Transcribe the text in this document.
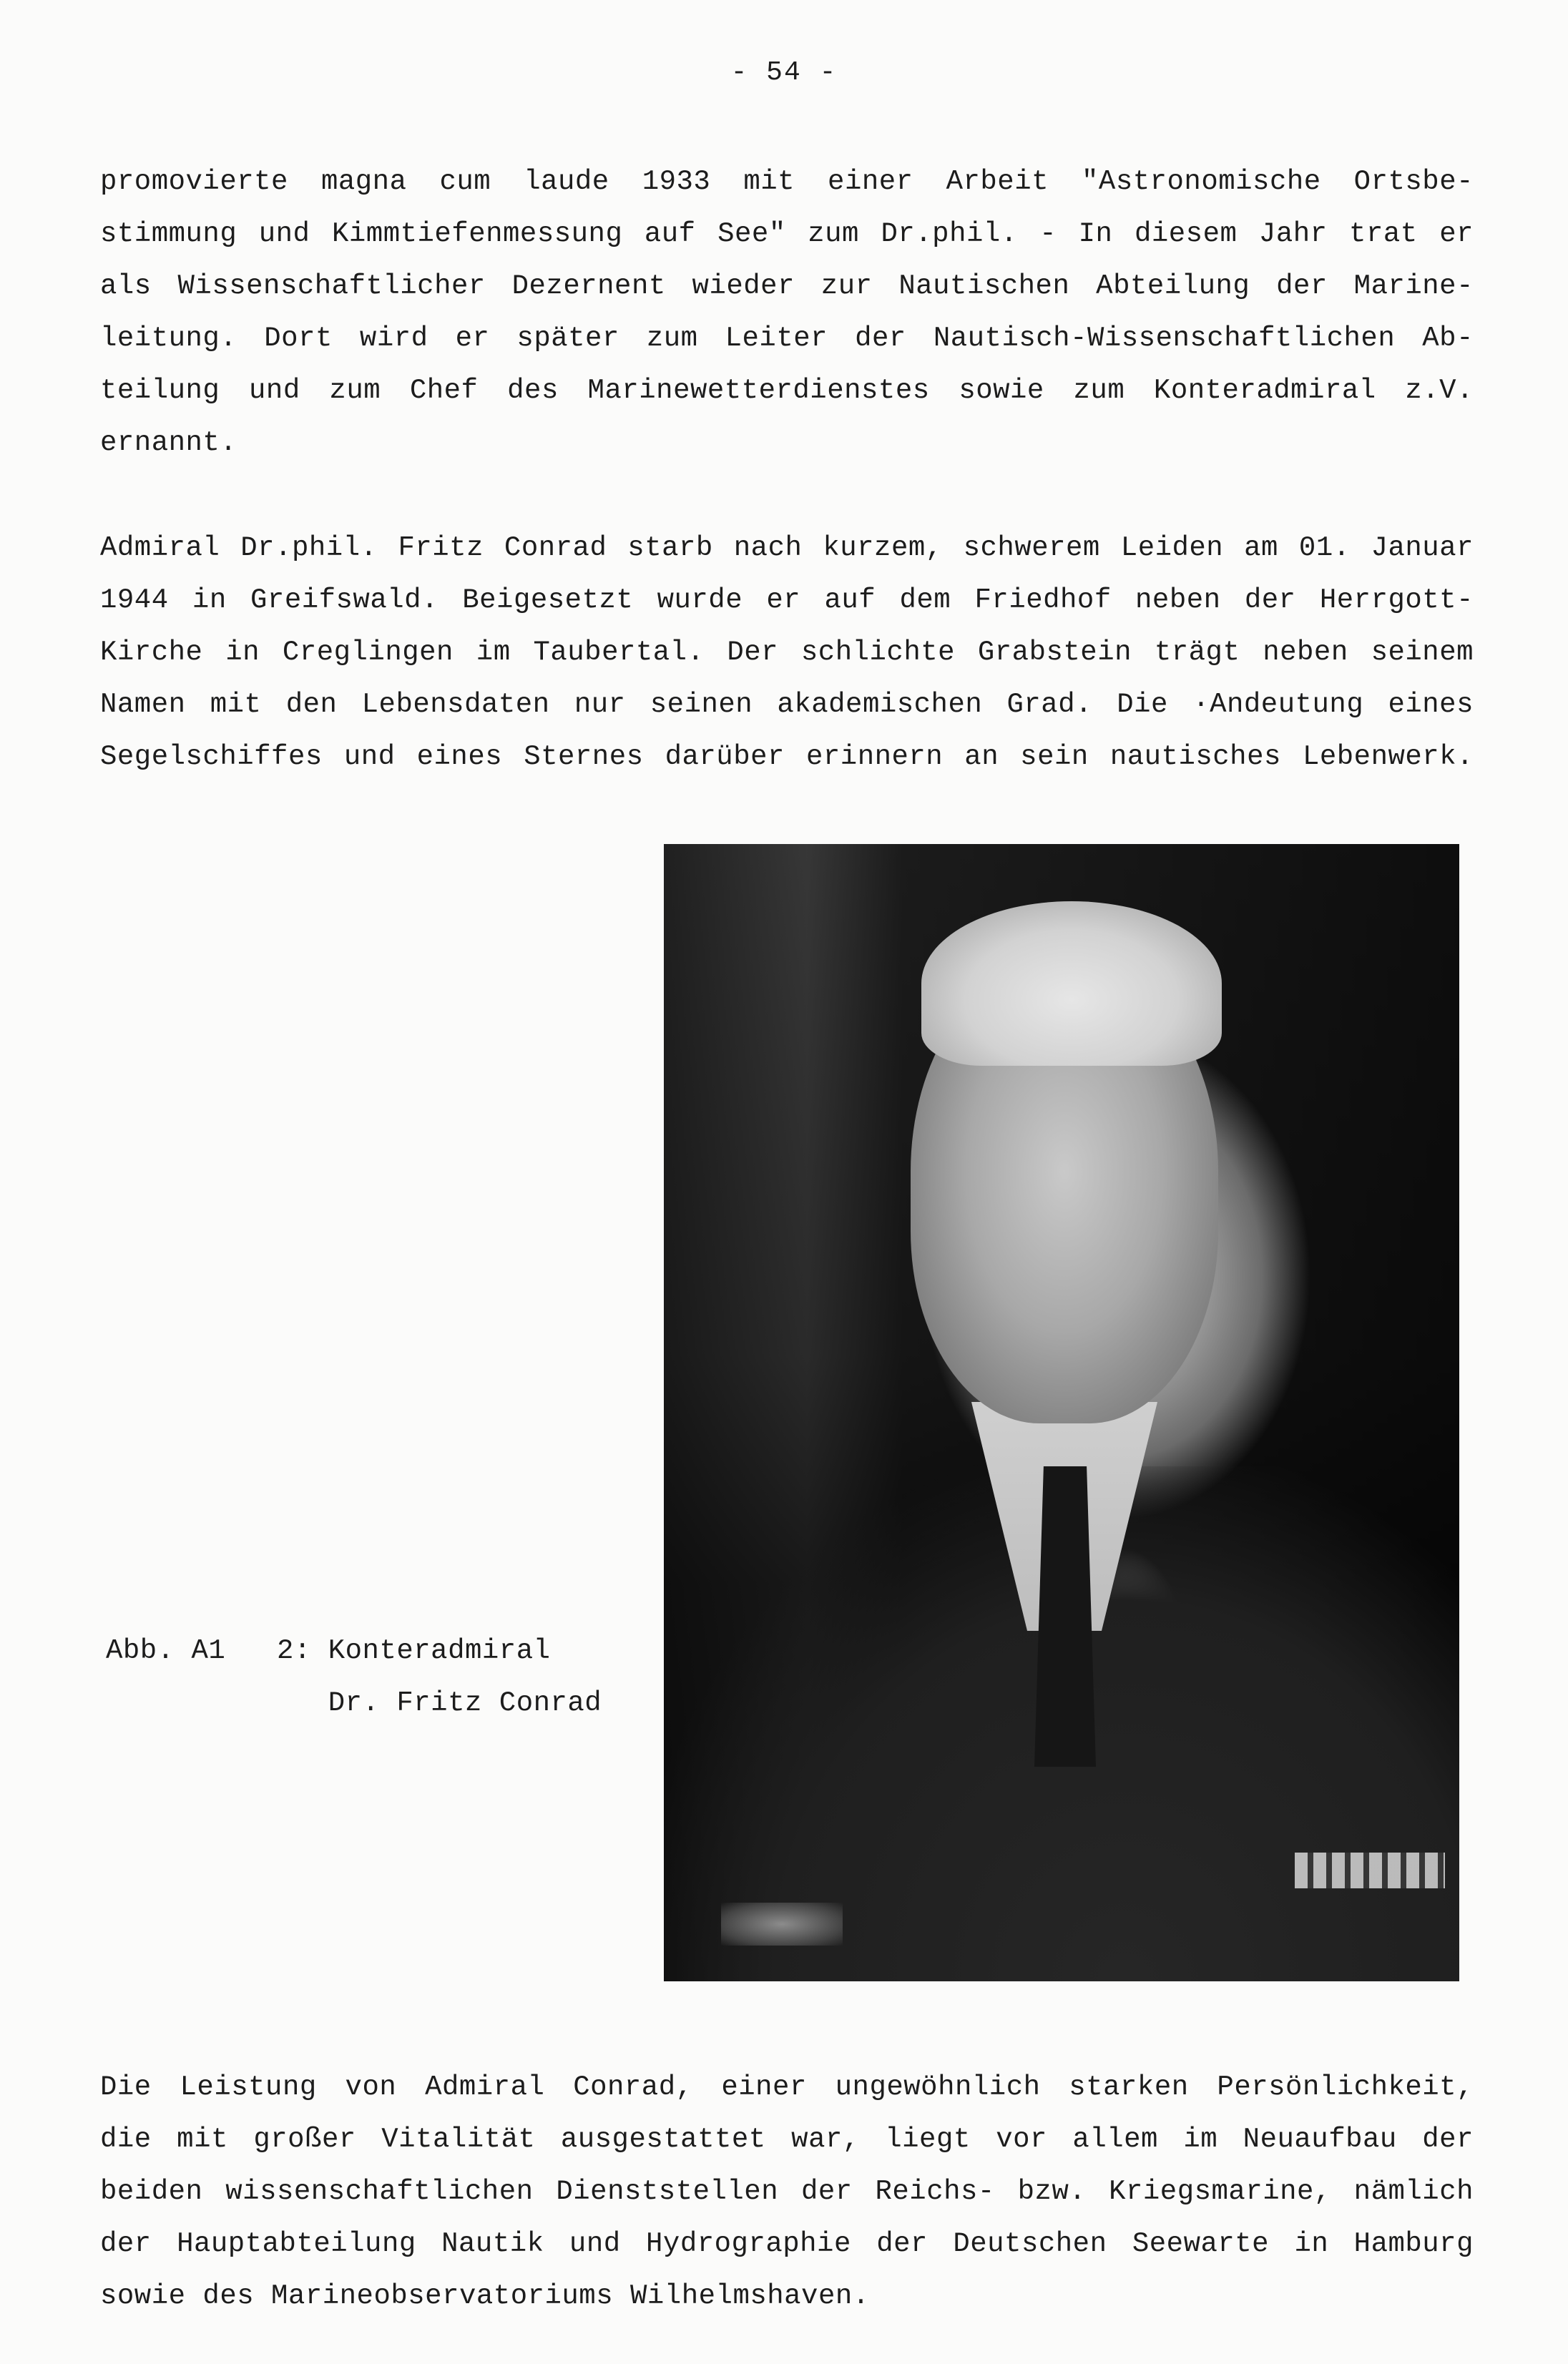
- 54 -
promovierte magna cum laude 1933 mit einer Arbeit "Astronomische Ortsbe-
stimmung und Kimmtiefenmessung auf See" zum Dr.phil. - In diesem Jahr trat er
als Wissenschaftlicher Dezernent wieder zur Nautischen Abteilung der Marine-
leitung. Dort wird er später zum Leiter der Nautisch-Wissenschaftlichen Ab-
teilung und zum Chef des Marinewetterdienstes sowie zum Konteradmiral z.V.
ernannt.
Admiral Dr.phil. Fritz Conrad starb nach kurzem, schwerem Leiden am 01. Januar
1944 in Greifswald. Beigesetzt wurde er auf dem Friedhof neben der Herrgott-
Kirche in Creglingen im Taubertal. Der schlichte Grabstein trägt neben seinem
Namen mit den Lebensdaten nur seinen akademischen Grad. Die ·Andeutung eines
Segelschiffes und eines Sternes darüber erinnern an sein nautisches Lebenwerk.
Abb. A1   2: Konteradmiral
Dr. Fritz Conrad
Die Leistung von Admiral Conrad, einer ungewöhnlich starken Persönlichkeit,
die mit großer Vitalität ausgestattet war, liegt vor allem im Neuaufbau der
beiden wissenschaftlichen Dienststellen der Reichs- bzw. Kriegsmarine, nämlich
der Hauptabteilung Nautik und Hydrographie der Deutschen Seewarte in Hamburg
sowie des Marineobservatoriums Wilhelmshaven.
